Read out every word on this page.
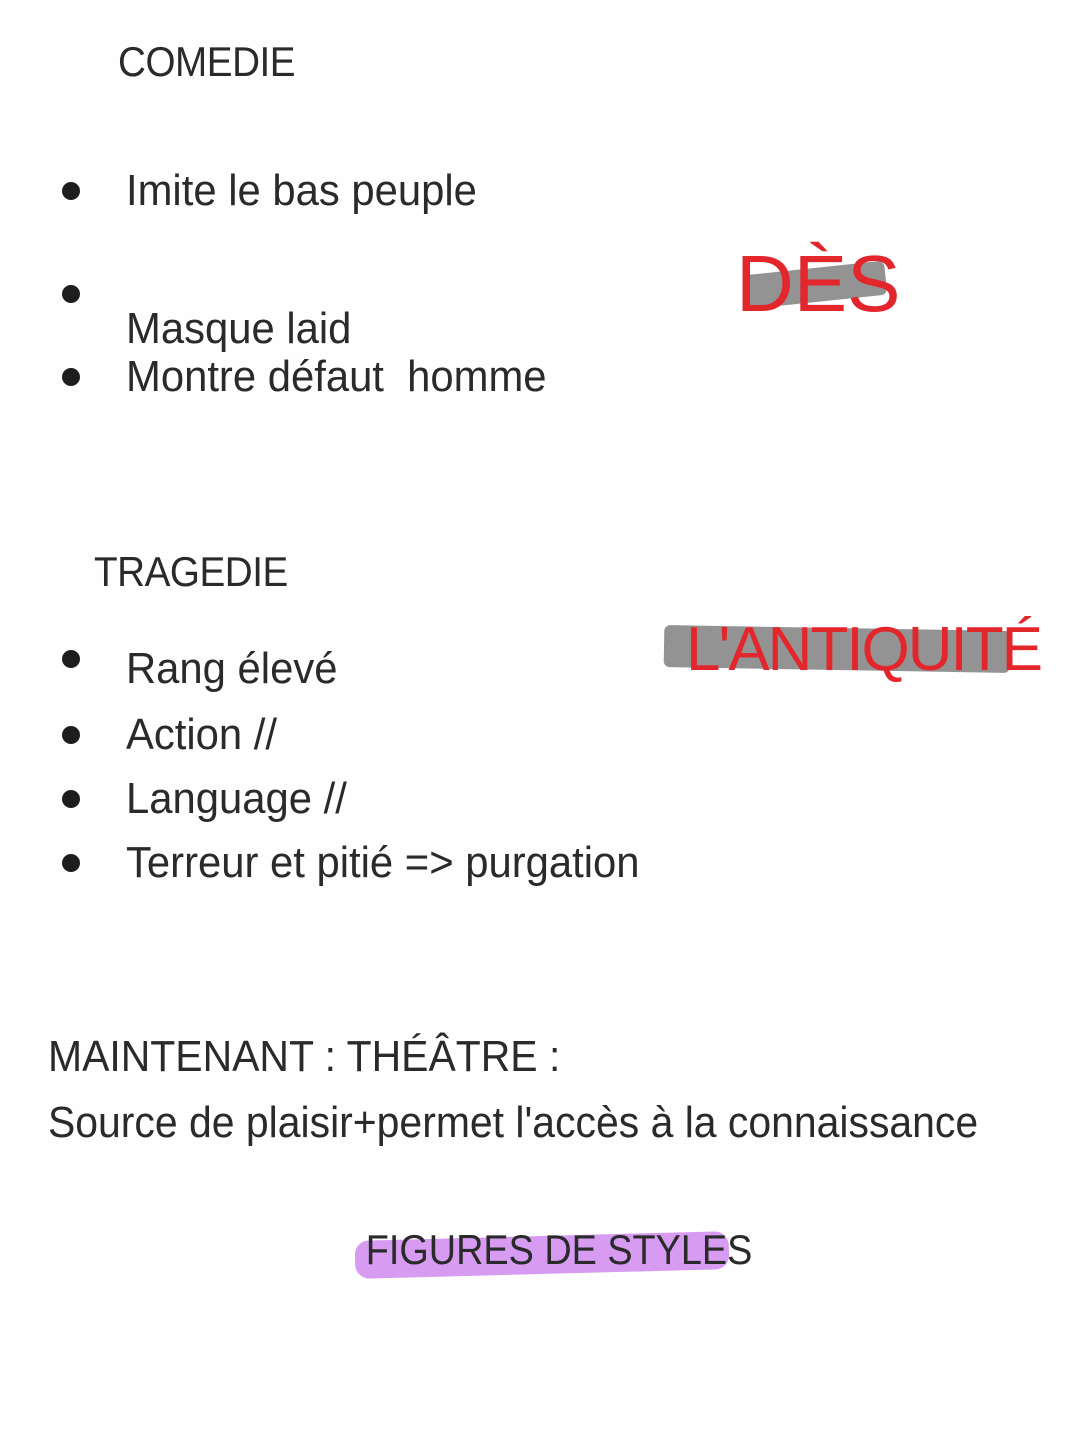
COMEDIE
Imite le bas peuple
Masque laid
Montre défaut  homme
DÈS
TRAGEDIE
Rang élevé
Action //
Language //
Terreur et pitié => purgation
L'ANTIQUITÉ
MAINTENANT : THÉÂTRE :
Source de plaisir+permet l'accès à la connaissance
FIGURES DE STYLES
